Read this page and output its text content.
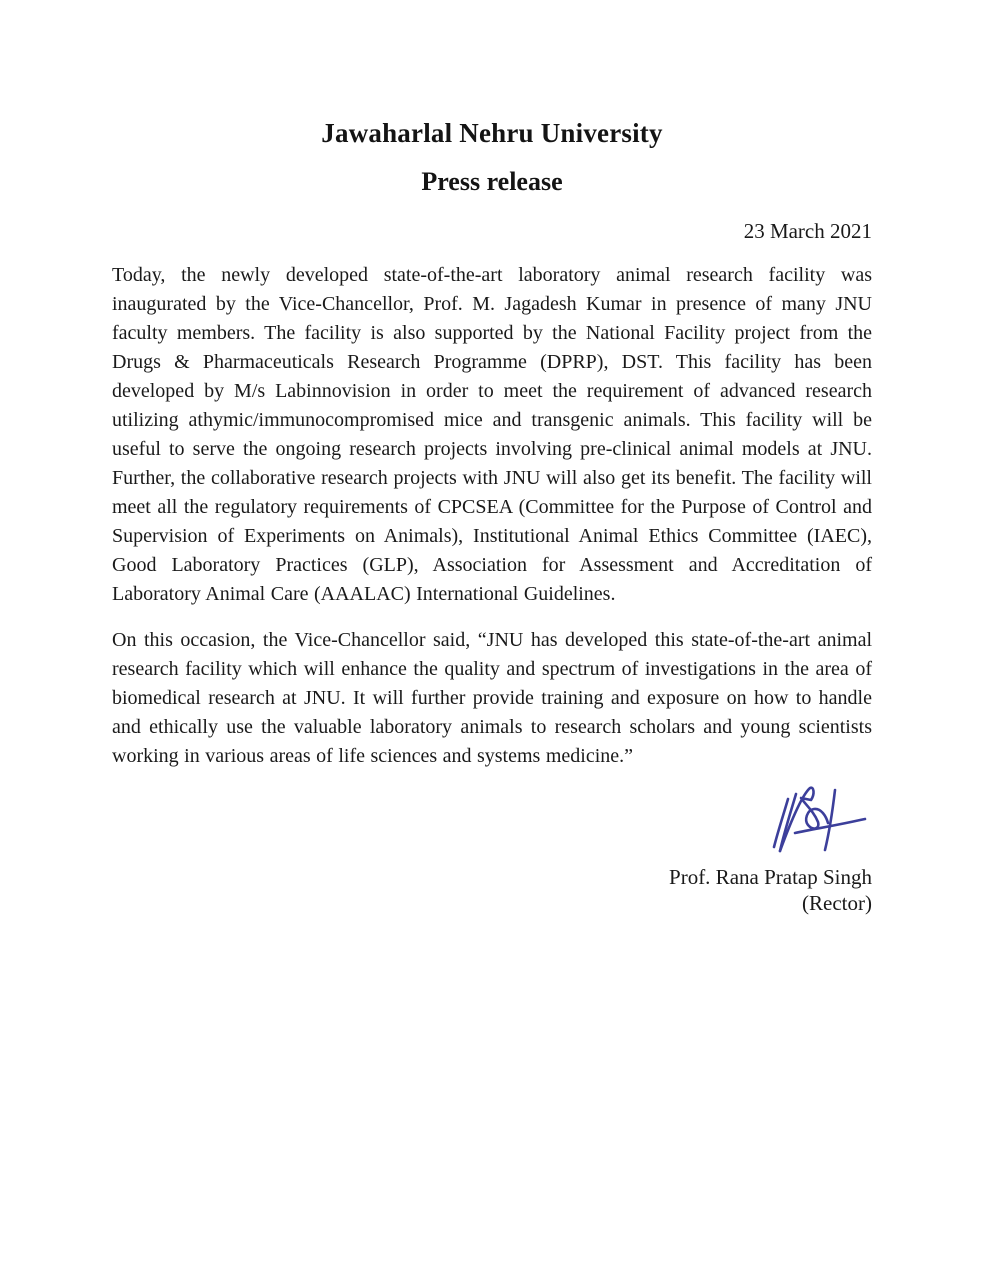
Jawaharlal Nehru University
Press release
23 March 2021

Today, the newly developed state-of-the-art laboratory animal research facility was inaugurated by the Vice-Chancellor, Prof. M. Jagadesh Kumar in presence of many JNU faculty members. The facility is also supported by the National Facility project from the Drugs & Pharmaceuticals Research Programme (DPRP), DST. This facility has been developed by M/s Labinnovision in order to meet the requirement of advanced research utilizing athymic/immunocompromised mice and transgenic animals. This facility will be useful to serve the ongoing research projects involving pre-clinical animal models at JNU. Further, the collaborative research projects with JNU will also get its benefit. The facility will meet all the regulatory requirements of CPCSEA (Committee for the Purpose of Control and Supervision of Experiments on Animals), Institutional Animal Ethics Committee (IAEC), Good Laboratory Practices (GLP), Association for Assessment and Accreditation of Laboratory Animal Care (AAALAC) International Guidelines.

On this occasion, the Vice-Chancellor said, “JNU has developed this state-of-the-art animal research facility which will enhance the quality and spectrum of investigations in the area of biomedical research at JNU. It will further provide training and exposure on how to handle and ethically use the valuable laboratory animals to research scholars and young scientists working in various areas of life sciences and systems medicine.”

Prof. Rana Pratap Singh
(Rector)
